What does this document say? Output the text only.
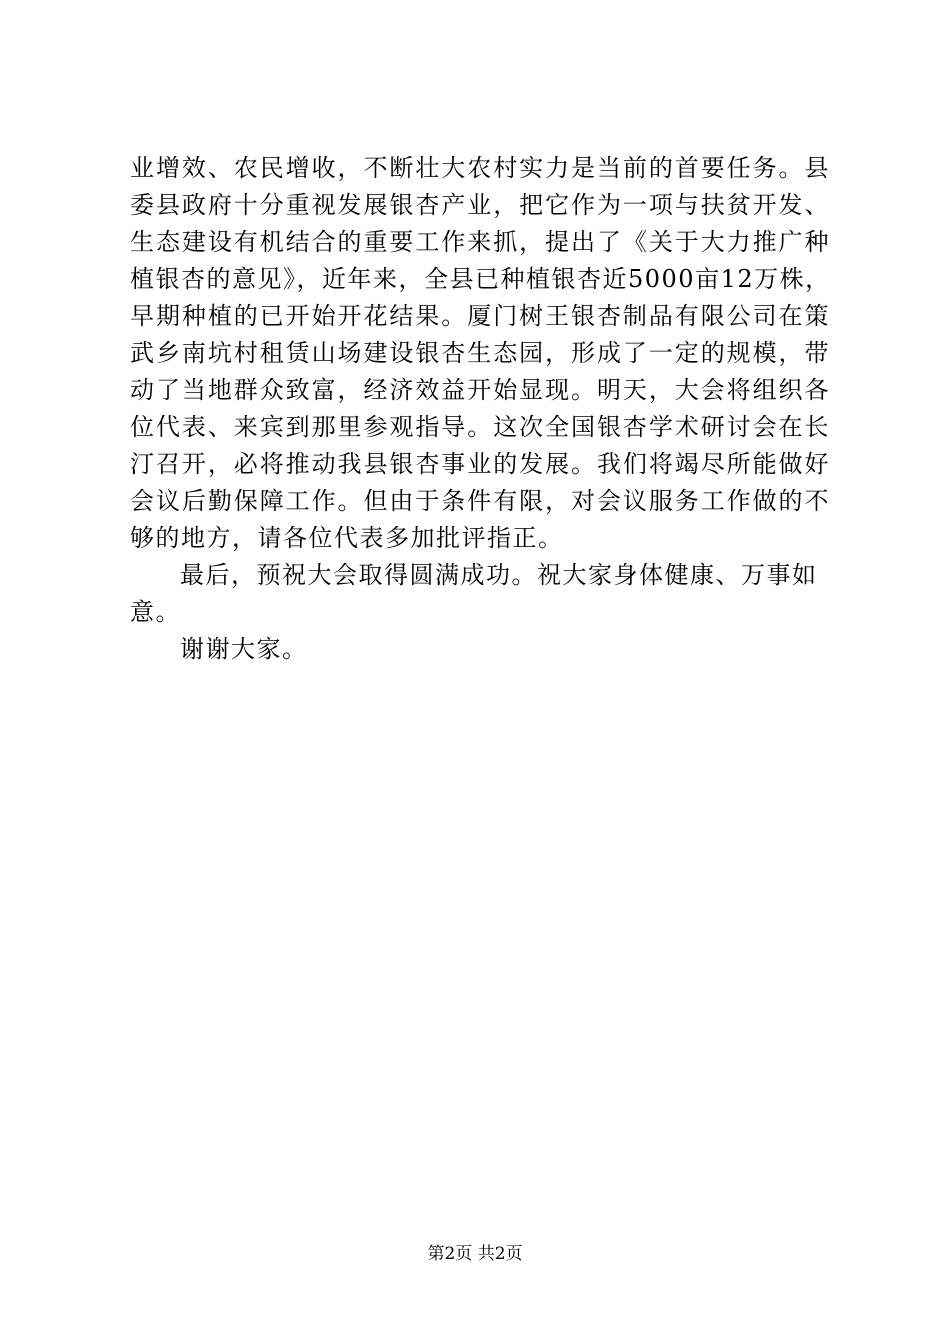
业增效、农民增收，不断壮大农村实力是当前的首要任务。县
委县政府十分重视发展银杏产业，把它作为一项与扶贫开发、
生态建设有机结合的重要工作来抓，提出了《关于大力推广种
植银杏的意见》，近年来，全县已种植银杏近5000亩12万株，
早期种植的已开始开花结果。厦门树王银杏制品有限公司在策
武乡南坑村租赁山场建设银杏生态园，形成了一定的规模，带
动了当地群众致富，经济效益开始显现。明天，大会将组织各
位代表、来宾到那里参观指导。这次全国银杏学术研讨会在长
汀召开，必将推动我县银杏事业的发展。我们将竭尽所能做好
会议后勤保障工作。但由于条件有限，对会议服务工作做的不
够的地方，请各位代表多加批评指正。
最后，预祝大会取得圆满成功。祝大家身体健康、万事如
意。
谢谢大家。
第2页 共2页
